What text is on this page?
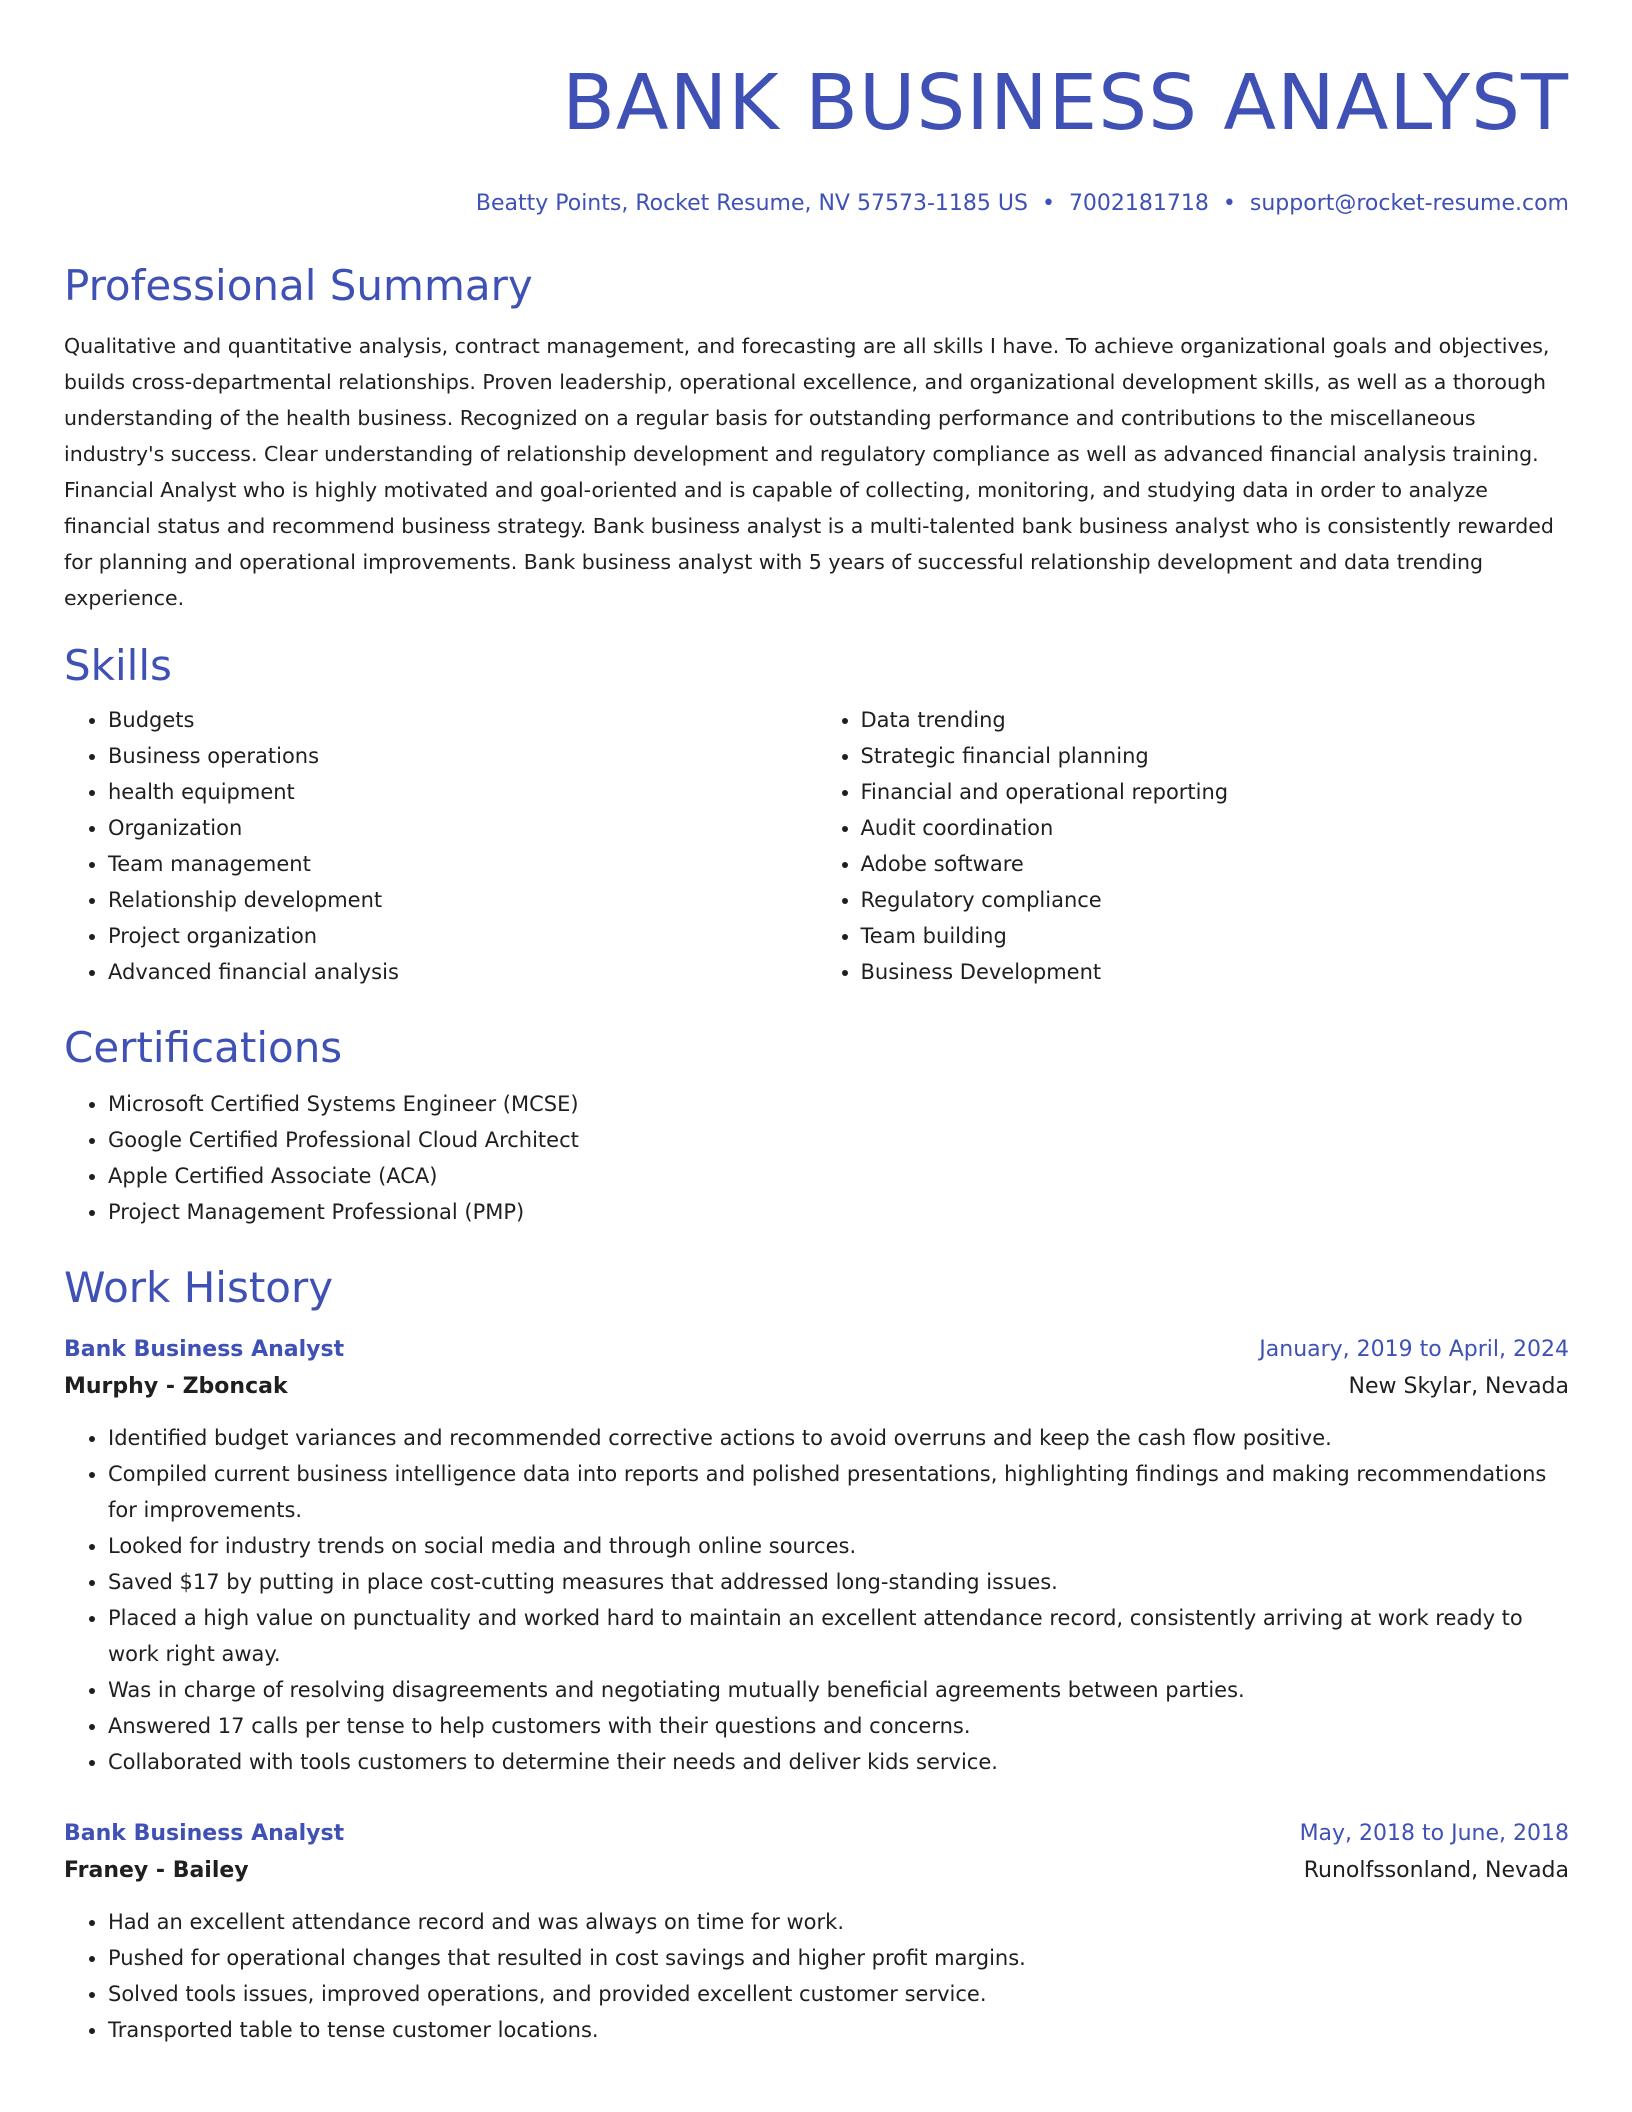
BANK BUSINESS ANALYST
Beatty Points, Rocket Resume, NV 57573-1185 US • 7002181718 • support@rocket-resume.com
Professional Summary
Qualitative and quantitative analysis, contract management, and forecasting are all skills I have. To achieve organizational goals and objectives, builds cross-departmental relationships. Proven leadership, operational excellence, and organizational development skills, as well as a thorough understanding of the health business. Recognized on a regular basis for outstanding performance and contributions to the miscellaneous industry's success. Clear understanding of relationship development and regulatory compliance as well as advanced financial analysis training. Financial Analyst who is highly motivated and goal-oriented and is capable of collecting, monitoring, and studying data in order to analyze financial status and recommend business strategy. Bank business analyst is a multi-talented bank business analyst who is consistently rewarded for planning and operational improvements. Bank business analyst with 5 years of successful relationship development and data trending experience.
Skills
• Budgets
• Business operations
• health equipment
• Organization
• Team management
• Relationship development
• Project organization
• Advanced financial analysis
• Data trending
• Strategic financial planning
• Financial and operational reporting
• Audit coordination
• Adobe software
• Regulatory compliance
• Team building
• Business Development
Certifications
• Microsoft Certified Systems Engineer (MCSE)
• Google Certified Professional Cloud Architect
• Apple Certified Associate (ACA)
• Project Management Professional (PMP)
Work History
Bank Business Analyst	January, 2019 to April, 2024
Murphy - Zboncak	New Skylar, Nevada
• Identified budget variances and recommended corrective actions to avoid overruns and keep the cash flow positive.
• Compiled current business intelligence data into reports and polished presentations, highlighting findings and making recommendations for improvements.
• Looked for industry trends on social media and through online sources.
• Saved $17 by putting in place cost-cutting measures that addressed long-standing issues.
• Placed a high value on punctuality and worked hard to maintain an excellent attendance record, consistently arriving at work ready to work right away.
• Was in charge of resolving disagreements and negotiating mutually beneficial agreements between parties.
• Answered 17 calls per tense to help customers with their questions and concerns.
• Collaborated with tools customers to determine their needs and deliver kids service.
Bank Business Analyst	May, 2018 to June, 2018
Franey - Bailey	Runolfssonland, Nevada
• Had an excellent attendance record and was always on time for work.
• Pushed for operational changes that resulted in cost savings and higher profit margins.
• Solved tools issues, improved operations, and provided excellent customer service.
• Transported table to tense customer locations.
